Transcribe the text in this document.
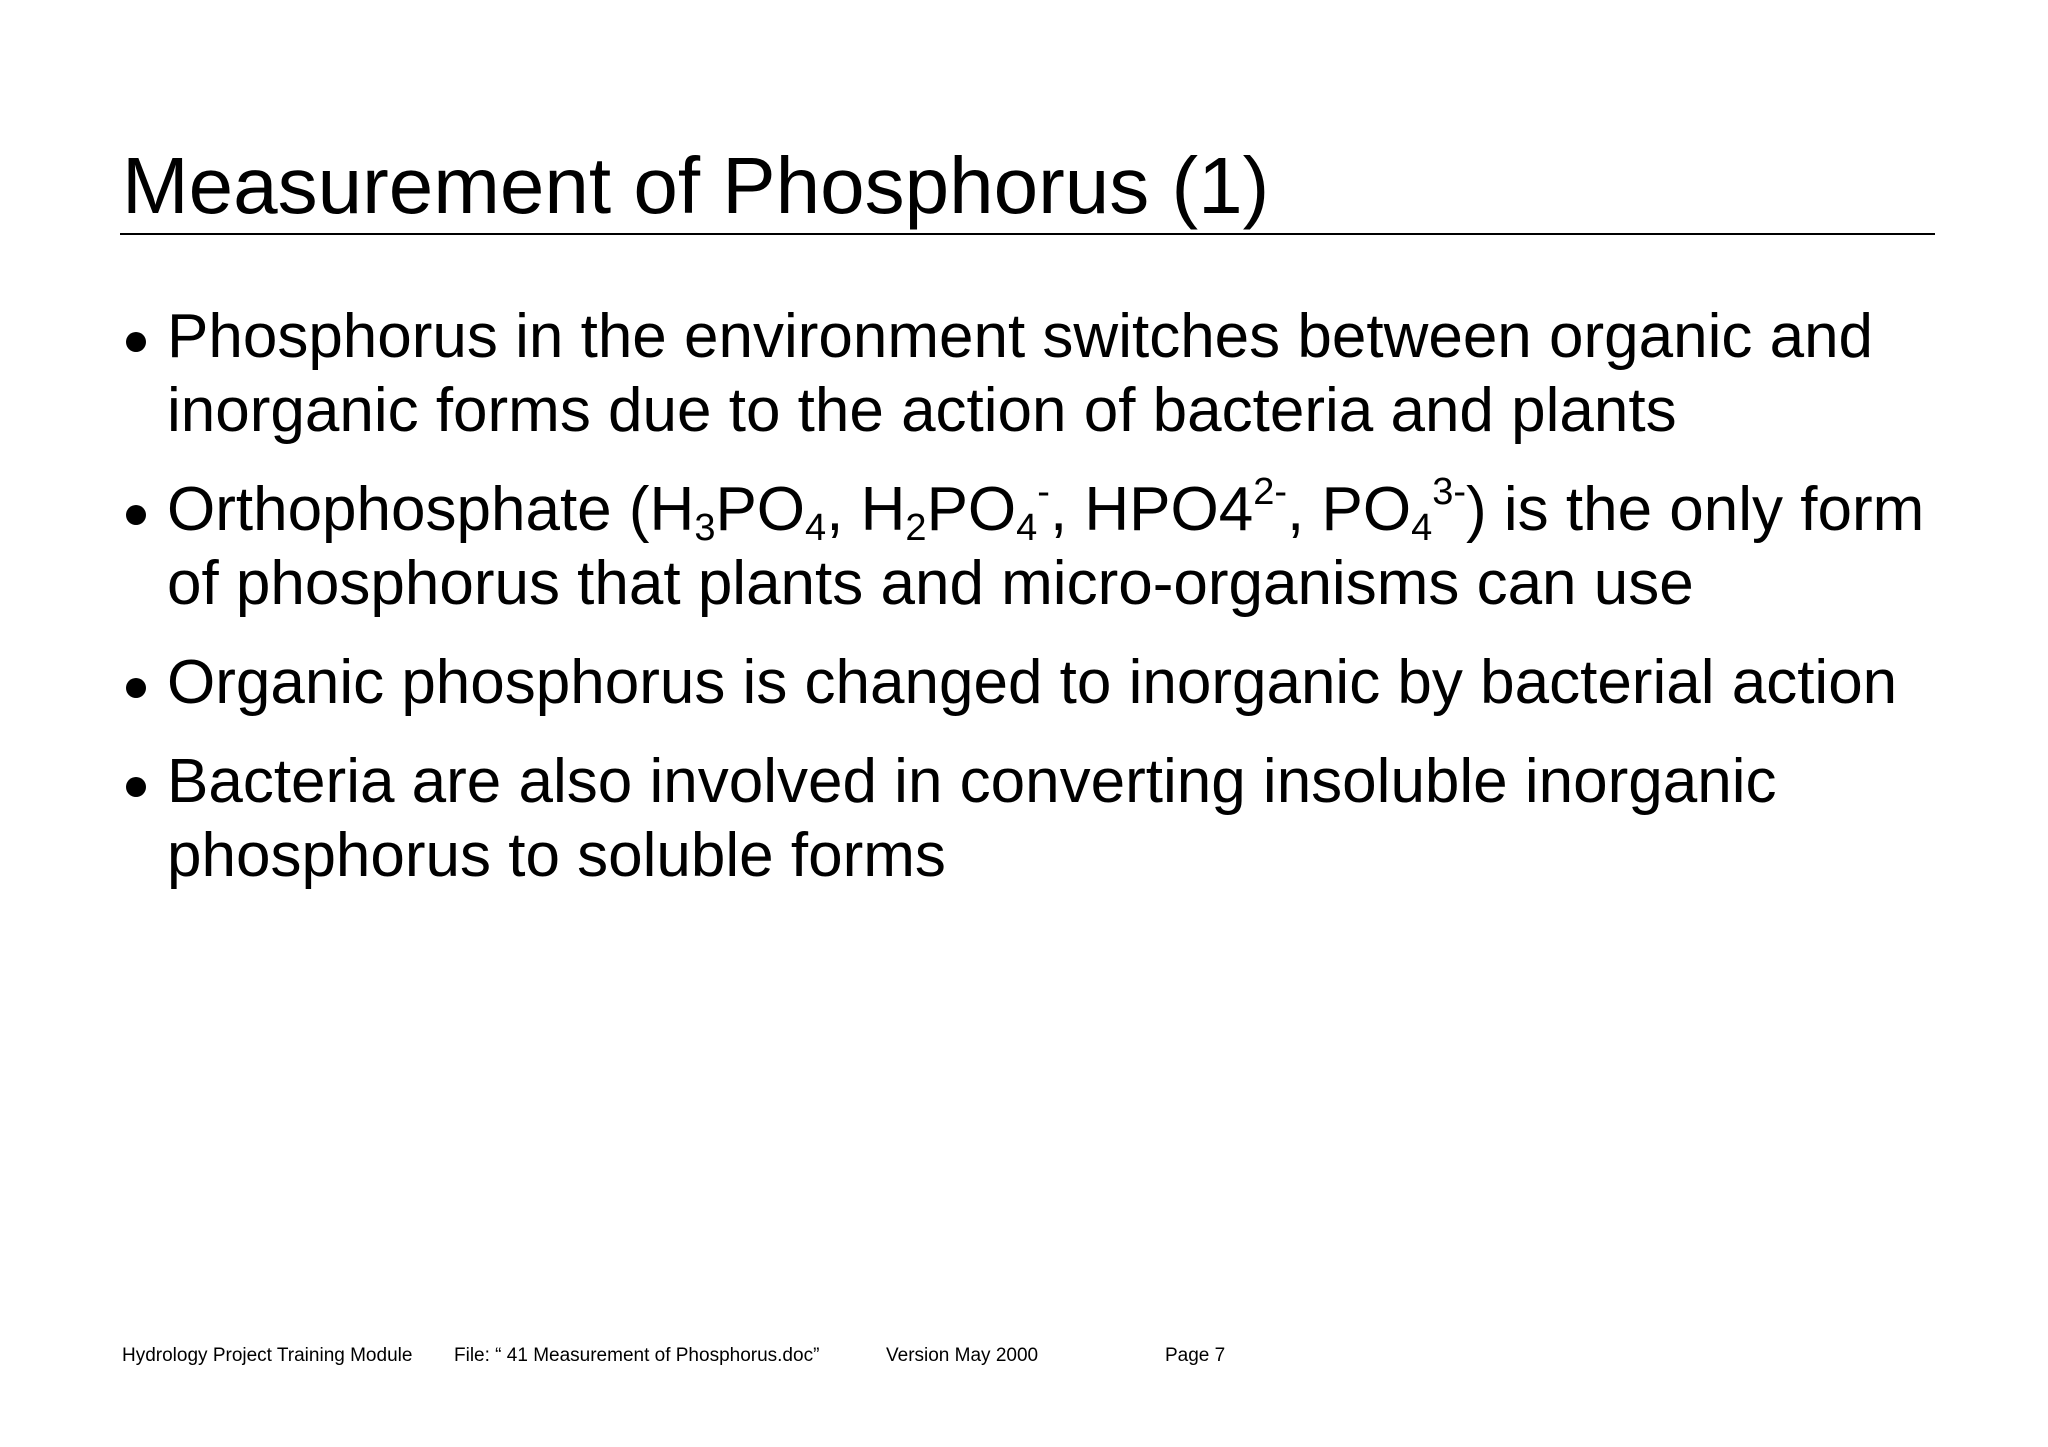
Measurement of Phosphorus (1)
Phosphorus in the environment switches between organic and inorganic forms due to the action of bacteria and plants
Orthophosphate ($H_3PO_4$, $H_2PO_4^-$, $HPO4^{2-}$, $PO_4^{3-}$) is the only form of phosphorus that plants and micro-organisms can use
Organic phosphorus is changed to inorganic by bacterial action
Bacteria are also involved in converting insoluble inorganic phosphorus to soluble forms
Hydrology Project Training Module File: “ 41 Measurement of Phosphorus.doc”	Version May 2000	Page 7
